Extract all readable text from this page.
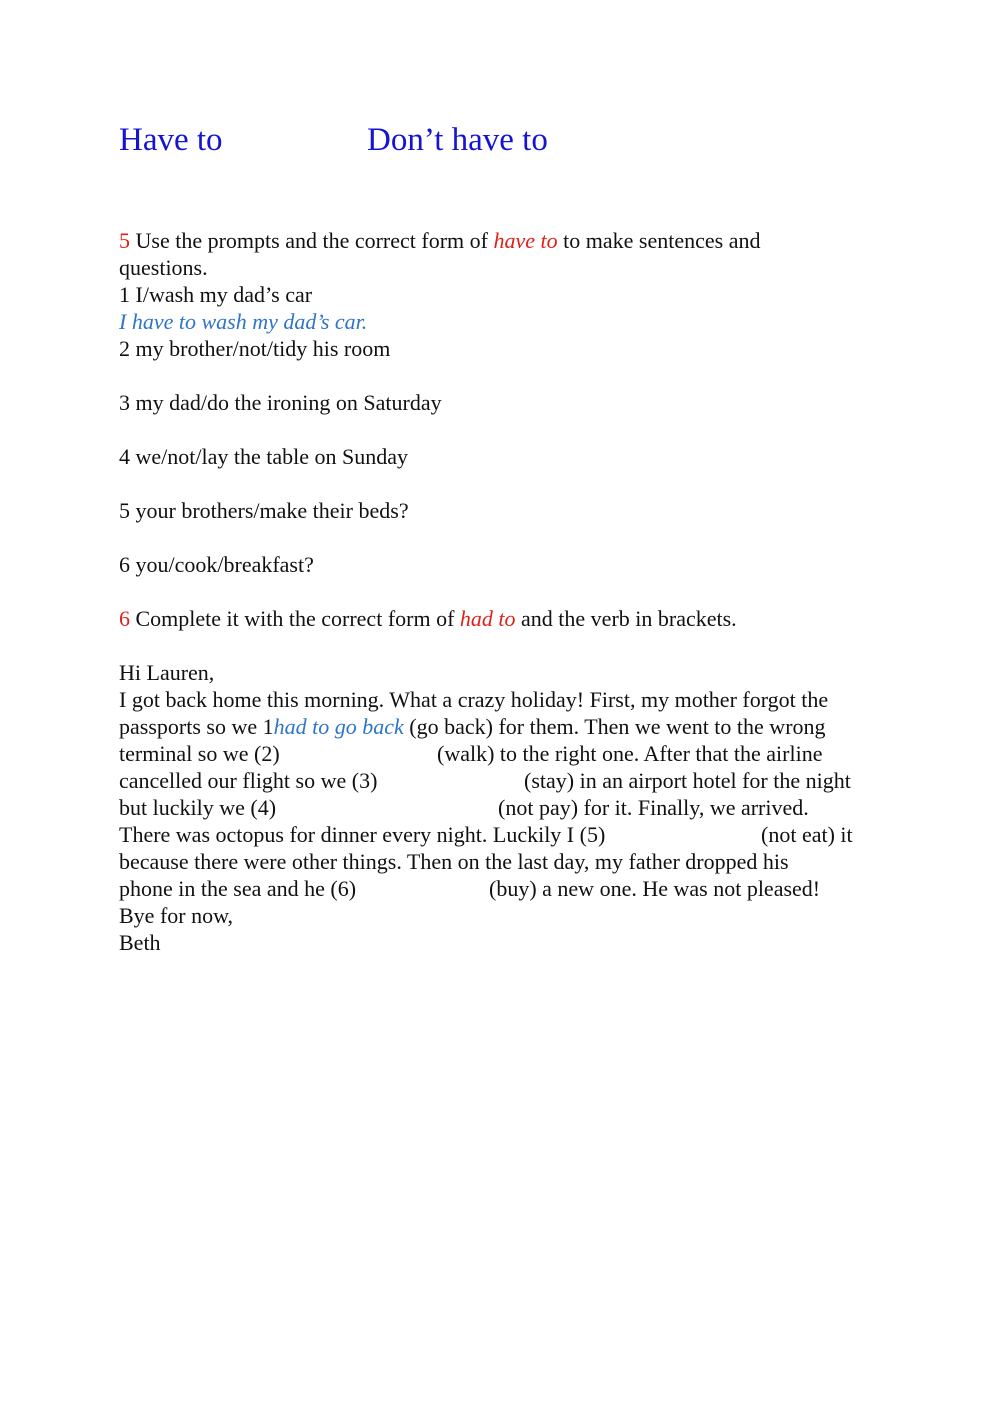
Have to	Don’t have to
5 Use the prompts and the correct form of have to to make sentences and
questions.
1 I/wash my dad’s car
I have to wash my dad’s car.
2 my brother/not/tidy his room
3 my dad/do the ironing on Saturday
4 we/not/lay the table on Sunday
5 your brothers/make their beds?
6 you/cook/breakfast?
6 Complete it with the correct form of had to and the verb in brackets.
Hi Lauren,
I got back home this morning. What a crazy holiday! First, my mother forgot the
passports so we 1had to go back (go back) for them. Then we went to the wrong
terminal so we (2)	(walk) to the right one. After that the airline
cancelled our flight so we (3)	(stay) in an airport hotel for the night
but luckily we (4)	(not pay) for it. Finally, we arrived.
There was octopus for dinner every night. Luckily I (5)	(not eat) it
because there were other things. Then on the last day, my father dropped his
phone in the sea and he (6)	(buy) a new one. He was not pleased!
Bye for now,
Beth
